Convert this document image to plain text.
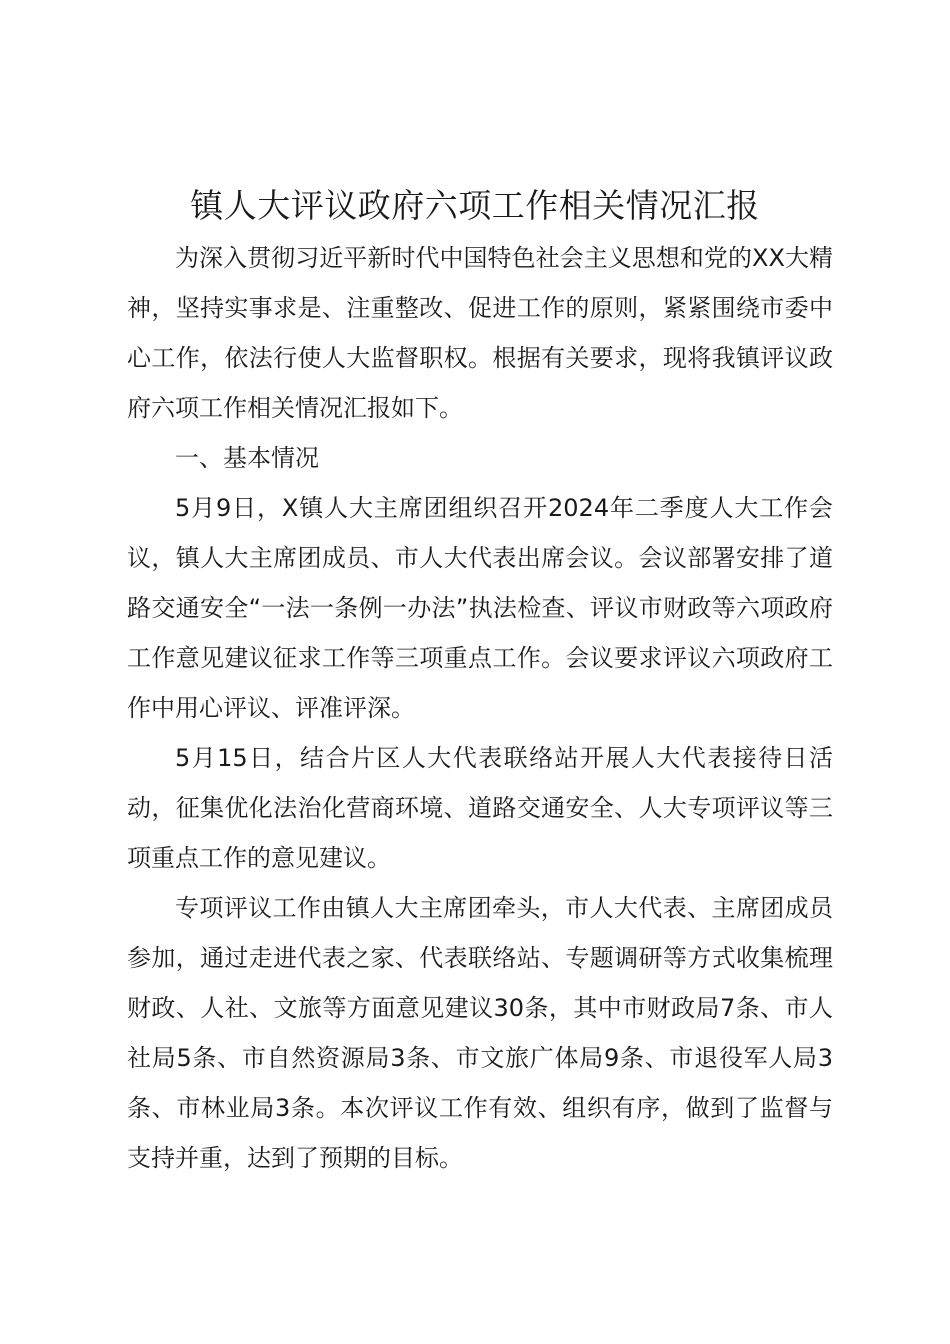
镇人大评议政府六项工作相关情况汇报

为深入贯彻习近平新时代中国特色社会主义思想和党的XX大精神，坚持实事求是、注重整改、促进工作的原则，紧紧围绕市委中心工作，依法行使人大监督职权。根据有关要求，现将我镇评议政府六项工作相关情况汇报如下。

一、基本情况

5月9日，X镇人大主席团组织召开2024年二季度人大工作会议，镇人大主席团成员、市人大代表出席会议。会议部署安排了道路交通安全“一法一条例一办法”执法检查、评议市财政等六项政府工作意见建议征求工作等三项重点工作。会议要求评议六项政府工作中用心评议、评准评深。

5月15日，结合片区人大代表联络站开展人大代表接待日活动，征集优化法治化营商环境、道路交通安全、人大专项评议等三项重点工作的意见建议。

专项评议工作由镇人大主席团牵头，市人大代表、主席团成员参加，通过走进代表之家、代表联络站、专题调研等方式收集梳理财政、人社、文旅等方面意见建议30条，其中市财政局7条、市人社局5条、市自然资源局3条、市文旅广体局9条、市退役军人局3条、市林业局3条。本次评议工作有效、组织有序，做到了监督与支持并重，达到了预期的目标。
